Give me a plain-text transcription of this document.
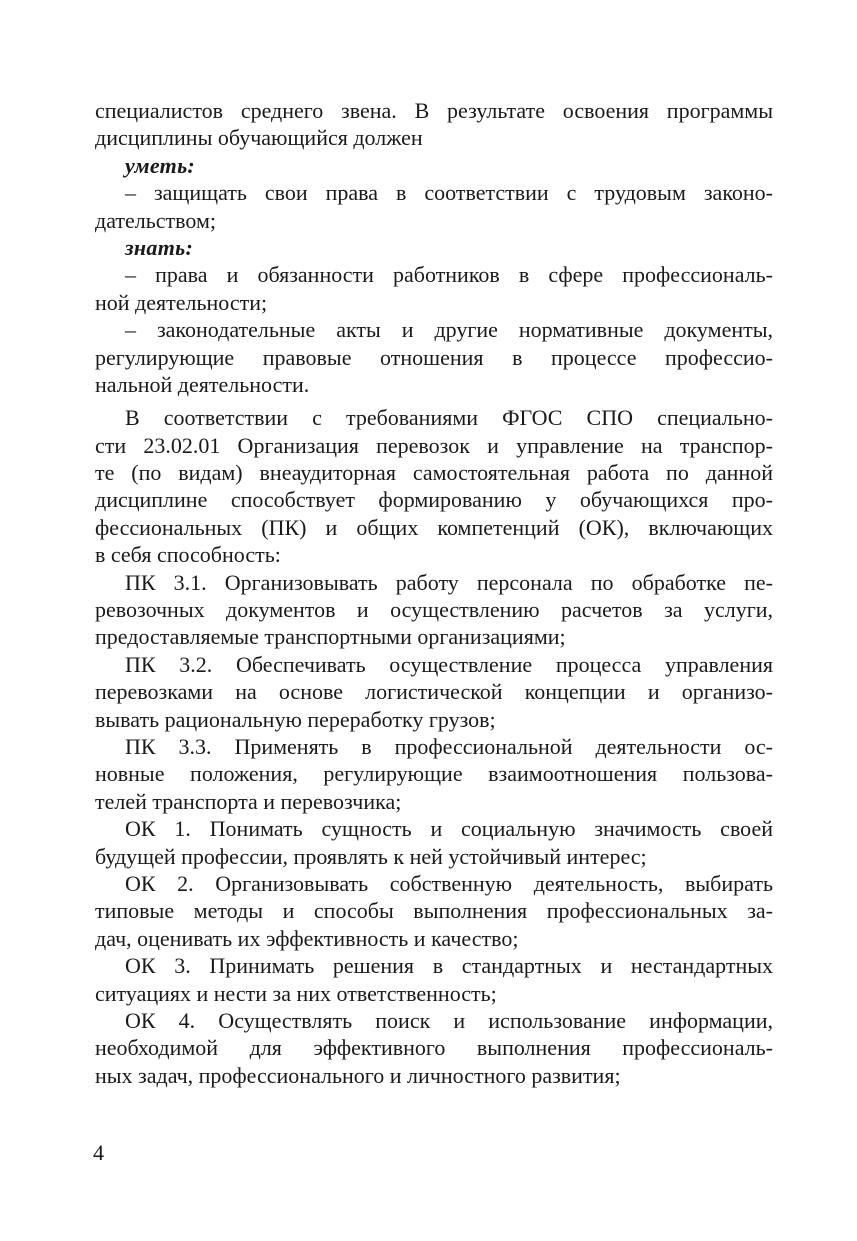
специалистов среднего звена. В результате освоения программы
дисциплины обучающийся должен

уметь:

– защищать свои права в соответствии с трудовым законо-
дательством;

знать:

– права и обязанности работников в сфере профессиональ-
ной деятельности;

– законодательные акты и другие нормативные документы,
регулирующие правовые отношения в процессе профессио-
нальной деятельности.

В соответствии с требованиями ФГОС СПО специально-
сти 23.02.01 Организация перевозок и управление на транспор-
те (по видам) внеаудиторная самостоятельная работа по данной
дисциплине способствует формированию у обучающихся про-
фессиональных (ПК) и общих компетенций (ОК), включающих
в себя способность:

ПК 3.1. Организовывать работу персонала по обработке пе-
ревозочных документов и осуществлению расчетов за услуги,
предоставляемые транспортными организациями;

ПК 3.2. Обеспечивать осуществление процесса управления
перевозками на основе логистической концепции и организо-
вывать рациональную переработку грузов;

ПК 3.3. Применять в профессиональной деятельности ос-
новные положения, регулирующие взаимоотношения пользова-
телей транспорта и перевозчика;

ОК 1. Понимать сущность и социальную значимость своей
будущей профессии, проявлять к ней устойчивый интерес;

ОК 2. Организовывать собственную деятельность, выбирать
типовые методы и способы выполнения профессиональных за-
дач, оценивать их эффективность и качество;

ОК 3. Принимать решения в стандартных и нестандартных
ситуациях и нести за них ответственность;

ОК 4. Осуществлять поиск и использование информации,
необходимой для эффективного выполнения профессиональ-
ных задач, профессионального и личностного развития;

4
